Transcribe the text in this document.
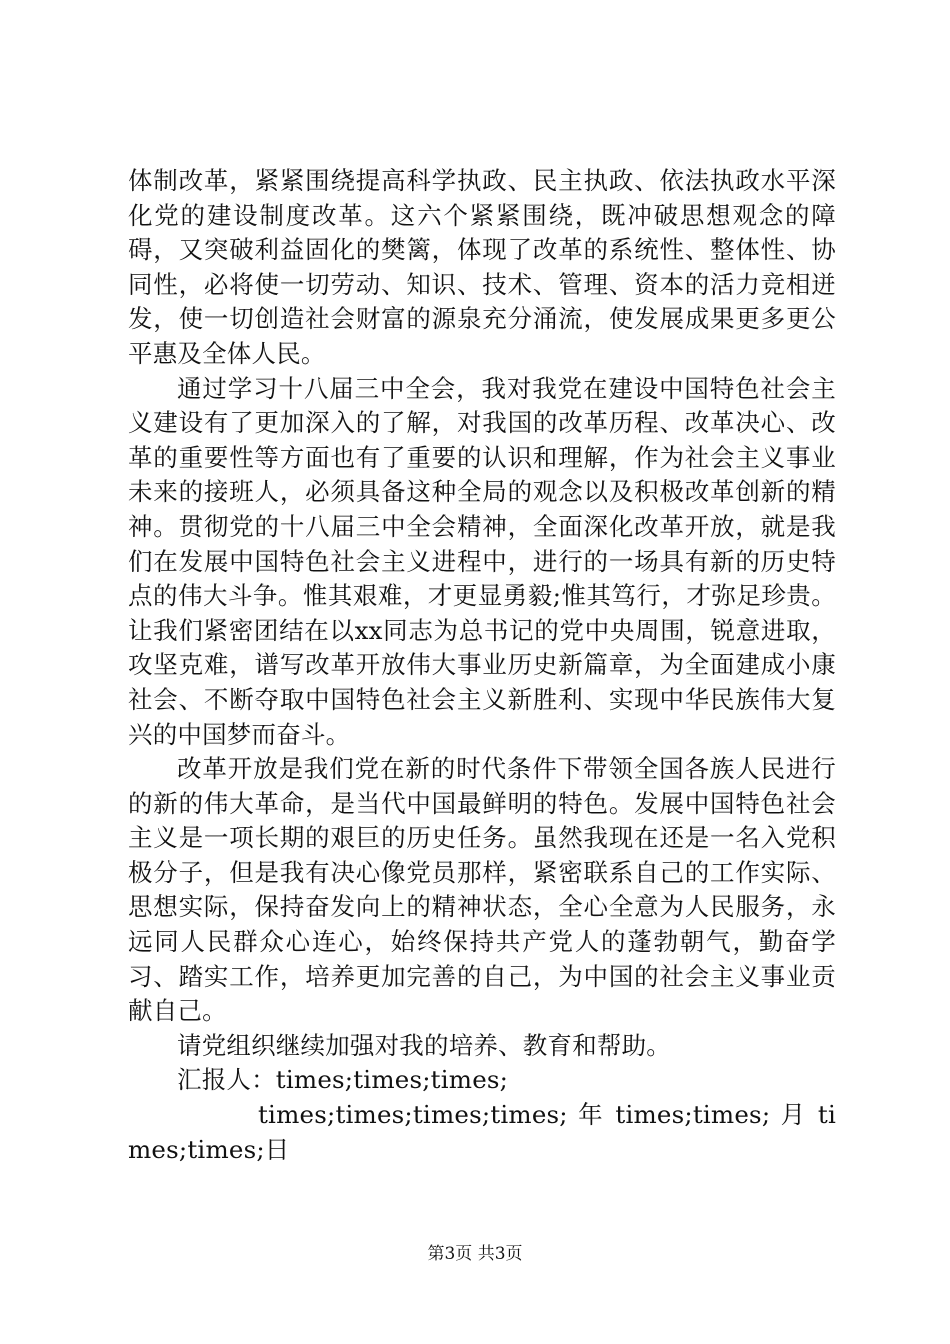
体制改革，紧紧围绕提高科学执政、民主执政、依法执政水平深化党的建设制度改革。这六个紧紧围绕，既冲破思想观念的障碍，又突破利益固化的樊篱，体现了改革的系统性、整体性、协同性，必将使一切劳动、知识、技术、管理、资本的活力竞相迸发，使一切创造社会财富的源泉充分涌流，使发展成果更多更公平惠及全体人民。

通过学习十八届三中全会，我对我党在建设中国特色社会主义建设有了更加深入的了解，对我国的改革历程、改革决心、改革的重要性等方面也有了重要的认识和理解，作为社会主义事业未来的接班人，必须具备这种全局的观念以及积极改革创新的精神。贯彻党的十八届三中全会精神，全面深化改革开放，就是我们在发展中国特色社会主义进程中，进行的一场具有新的历史特点的伟大斗争。惟其艰难，才更显勇毅;惟其笃行，才弥足珍贵。让我们紧密团结在以xx同志为总书记的党中央周围，锐意进取，攻坚克难，谱写改革开放伟大事业历史新篇章，为全面建成小康社会、不断夺取中国特色社会主义新胜利、实现中华民族伟大复兴的中国梦而奋斗。

改革开放是我们党在新的时代条件下带领全国各族人民进行的新的伟大革命，是当代中国最鲜明的特色。发展中国特色社会主义是一项长期的艰巨的历史任务。虽然我现在还是一名入党积极分子，但是我有决心像党员那样，紧密联系自己的工作实际、思想实际，保持奋发向上的精神状态，全心全意为人民服务，永远同人民群众心连心，始终保持共产党人的蓬勃朝气，勤奋学习、踏实工作，培养更加完善的自己，为中国的社会主义事业贡献自己。

请党组织继续加强对我的培养、教育和帮助。

汇报人：times;times;times;

times;times;times;times; 年 times;times; 月 times;times;日

第3页 共3页
